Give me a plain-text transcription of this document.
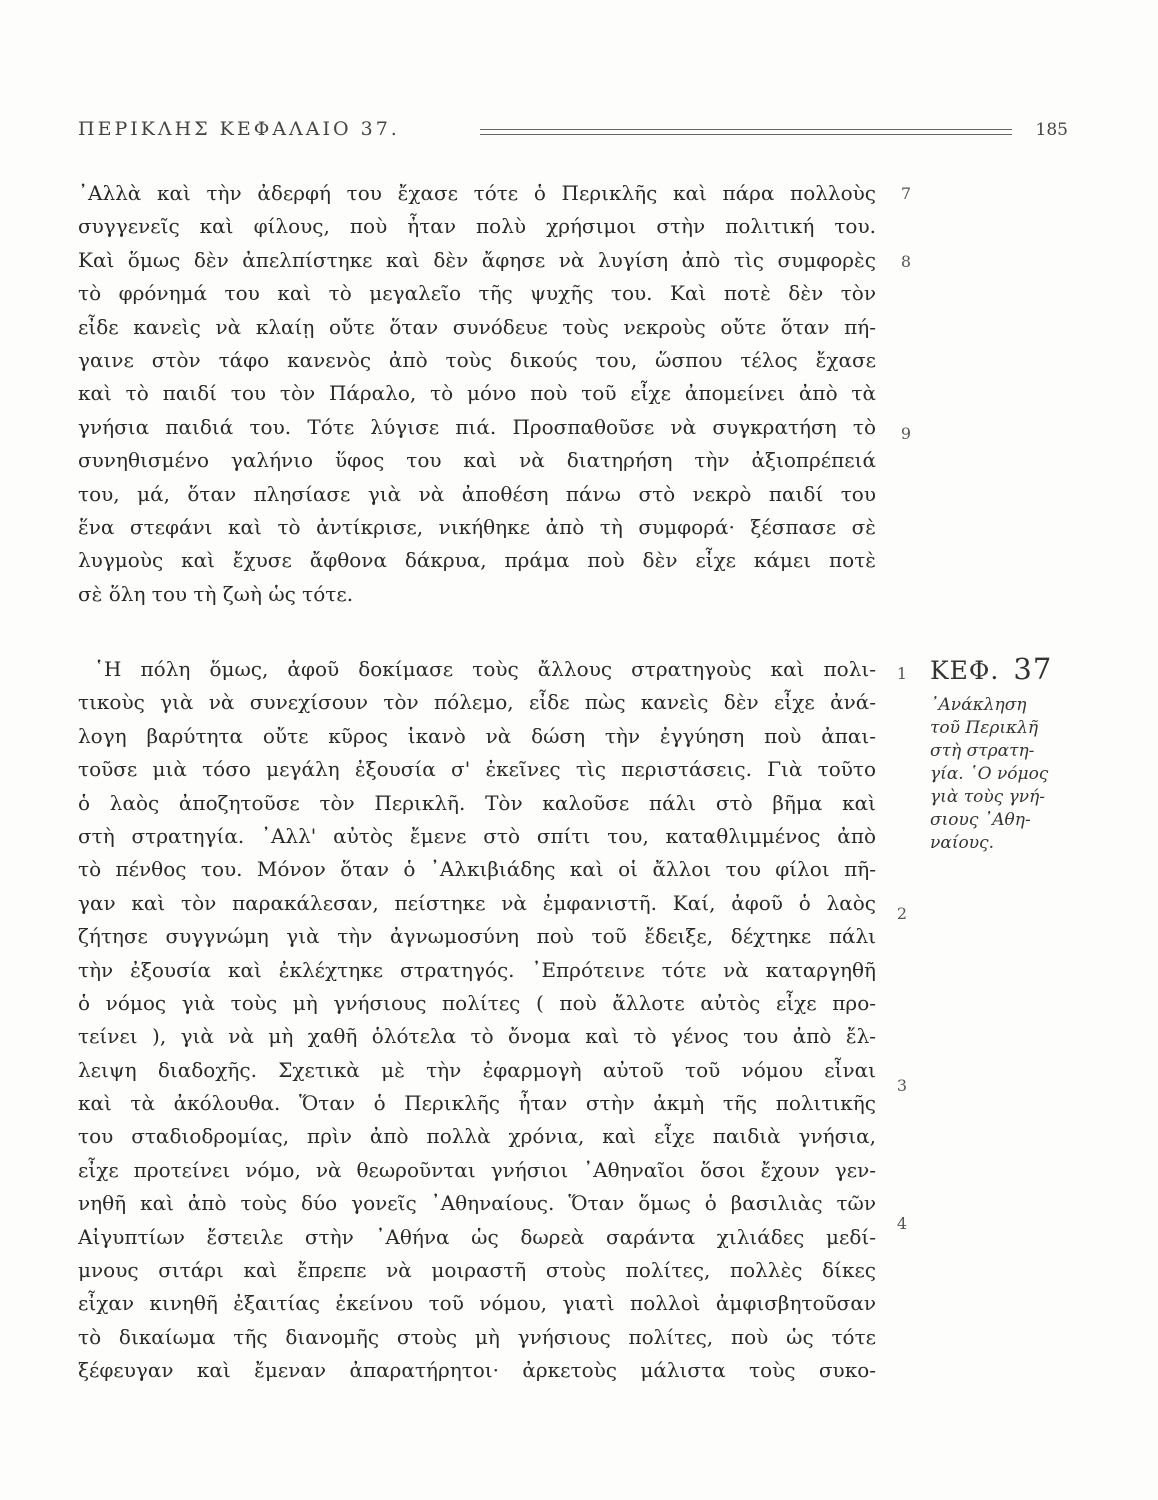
ΠΕΡΙΚΛΗΣ ΚΕΦΑΛΑΙΟ 37.	185
᾿Αλλὰ καὶ τὴν ἀδερφή του ἔχασε τότε ὁ Περικλῆς καὶ πάρα πολλοὺς
συγγενεῖς καὶ φίλους, ποὺ ἦταν πολὺ χρήσιμοι στὴν πολιτική του.
Καὶ ὅμως δὲν ἀπελπίστηκε καὶ δὲν ἄφησε νὰ λυγίση ἀπὸ τὶς συμφορὲς
τὸ φρόνημά του καὶ τὸ μεγαλεῖο τῆς ψυχῆς του. Καὶ ποτὲ δὲν τὸν
εἶδε κανεὶς νὰ κλαίῃ οὔτε ὅταν συνόδευε τοὺς νεκροὺς οὔτε ὅταν πή-
γαινε στὸν τάφο κανενὸς ἀπὸ τοὺς δικούς του, ὥσπου τέλος ἔχασε
καὶ τὸ παιδί του τὸν Πάραλο, τὸ μόνο ποὺ τοῦ εἶχε ἀπομείνει ἀπὸ τὰ
γνήσια παιδιά του. Τότε λύγισε πιά. Προσπαθοῦσε νὰ συγκρατήση τὸ
συνηθισμένο γαλήνιο ὕφος του καὶ νὰ διατηρήση τὴν ἀξιοπρέπειά
του, μά, ὅταν πλησίασε γιὰ νὰ ἀποθέση πάνω στὸ νεκρὸ παιδί του
ἕνα στεφάνι καὶ τὸ ἀντίκρισε, νικήθηκε ἀπὸ τὴ συμφορά· ξέσπασε σὲ
λυγμοὺς καὶ ἔχυσε ἄφθονα δάκρυα, πράμα ποὺ δὲν εἶχε κάμει ποτὲ
σὲ ὅλη του τὴ ζωὴ ὡς τότε.
῾Η πόλη ὅμως, ἀφοῦ δοκίμασε τοὺς ἄλλους στρατηγοὺς καὶ πολι-
τικοὺς γιὰ νὰ συνεχίσουν τὸν πόλεμο, εἶδε πὼς κανεὶς δὲν εἶχε ἀνά-
λογη βαρύτητα οὔτε κῦρος ἱκανὸ νὰ δώση τὴν ἐγγύηση ποὺ ἀπαι-
τοῦσε μιὰ τόσο μεγάλη ἐξουσία σ' ἐκεῖνες τὶς περιστάσεις. Γιὰ τοῦτο
ὁ λαὸς ἀποζητοῦσε τὸν Περικλῆ. Τὸν καλοῦσε πάλι στὸ βῆμα καὶ
στὴ στρατηγία. ᾿Αλλ' αὐτὸς ἔμενε στὸ σπίτι του, καταθλιμμένος ἀπὸ
τὸ πένθος του. Μόνον ὅταν ὁ ᾿Αλκιβιάδης καὶ οἱ ἄλλοι του φίλοι πῆ-
γαν καὶ τὸν παρακάλεσαν, πείστηκε νὰ ἐμφανιστῆ. Καί, ἀφοῦ ὁ λαὸς
ζήτησε συγγνώμη γιὰ τὴν ἀγνωμοσύνη ποὺ τοῦ ἔδειξε, δέχτηκε πάλι
τὴν ἐξουσία καὶ ἐκλέχτηκε στρατηγός. ᾿Επρότεινε τότε νὰ καταργηθῆ
ὁ νόμος γιὰ τοὺς μὴ γνήσιους πολίτες ( ποὺ ἄλλοτε αὐτὸς εἶχε προ-
τείνει ), γιὰ νὰ μὴ χαθῆ ὁλότελα τὸ ὄνομα καὶ τὸ γένος του ἀπὸ ἔλ-
λειψη διαδοχῆς. Σχετικὰ μὲ τὴν ἐφαρμογὴ αὐτοῦ τοῦ νόμου εἶναι
καὶ τὰ ἀκόλουθα. Ὅταν ὁ Περικλῆς ἦταν στὴν ἀκμὴ τῆς πολιτικῆς
του σταδιοδρομίας, πρὶν ἀπὸ πολλὰ χρόνια, καὶ εἶχε παιδιὰ γνήσια,
εἶχε προτείνει νόμο, νὰ θεωροῦνται γνήσιοι ᾿Αθηναῖοι ὅσοι ἔχουν γεν-
νηθῆ καὶ ἀπὸ τοὺς δύο γονεῖς ᾿Αθηναίους. Ὅταν ὅμως ὁ βασιλιὰς τῶν
Αἰγυπτίων ἔστειλε στὴν ᾿Αθήνα ὡς δωρεὰ σαράντα χιλιάδες μεδί-
μνους σιτάρι καὶ ἔπρεπε νὰ μοιραστῆ στοὺς πολίτες, πολλὲς δίκες
εἶχαν κινηθῆ ἐξαιτίας ἐκείνου τοῦ νόμου, γιατὶ πολλοὶ ἀμφισβητοῦσαν
τὸ δικαίωμα τῆς διανομῆς στοὺς μὴ γνήσιους πολίτες, ποὺ ὡς τότε
ξέφευγαν καὶ ἔμεναν ἀπαρατήρητοι· ἀρκετοὺς μάλιστα τοὺς συκο-
7
8
9
1
2
3
4
ΚΕΦ. 37
᾿Ανάκληση
τοῦ Περικλῆ
στὴ στρατη-
γία. ῾Ο νόμος
γιὰ τοὺς γνή-
σιους ᾿Αθη-
ναίους.
